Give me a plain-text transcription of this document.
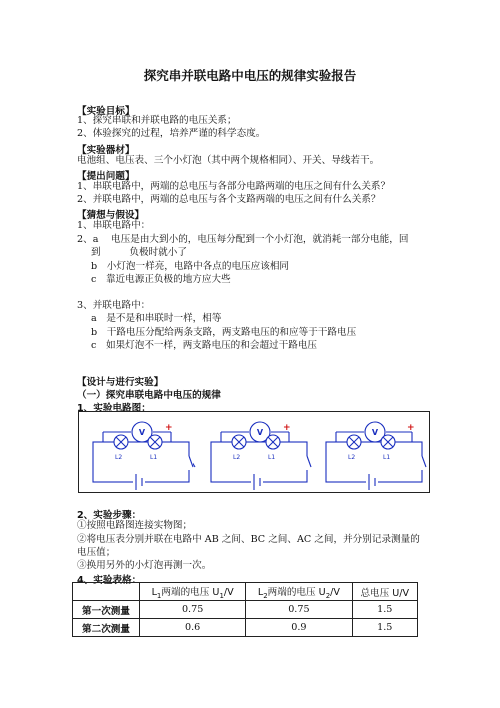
探究串并联电路中电压的规律实验报告
【实验目标】
1、探究串联和并联电路的电压关系；
2、体验探究的过程，培养严谨的科学态度。
【实验器材】
电池组、电压表、三个小灯泡（其中两个规格相同）、开关、导线若干。
【提出问题】
1、串联电路中，两端的总电压与各部分电路两端的电压之间有什么关系？
2、并联电路中，两端的总电压与各个支路两端的电压之间有什么关系？
【猜想与假设】
1、串联电路中：
2、a　 电压是由大到小的，电压每分配到一个小灯泡，就消耗一部分电能，回
到　　　负极时就小了
b　小灯泡一样亮，电路中各点的电压应该相同
c　靠近电源正负极的地方应大些
3、并联电路中：
a　是不是和串联时一样，相等
b　干路电压分配给两条支路，两支路电压的和应等于干路电压
c　如果灯泡不一样，两支路电压的和会超过干路电压
【设计与进行实验】
（一）探究串联电路中电压的规律
1、实验电路图：
V	V	V
+	+	+
L2	L1	L2	L1	L2	L1
2、实验步骤：
①按照电路图连接实物图；
②将电压表分别并联在电路中 AB 之间、BC 之间、AC 之间，并分别记录测量的
电压值；
③换用另外的小灯泡再测一次。
4、实验表格：
	$L_1$两端的电压 $U_1/V$	$L_2$两端的电压 $U_2/V$	总电压 U/V
第一次测量	0.75	0.75	1.5
第二次测量	0.6	0.9	1.5
